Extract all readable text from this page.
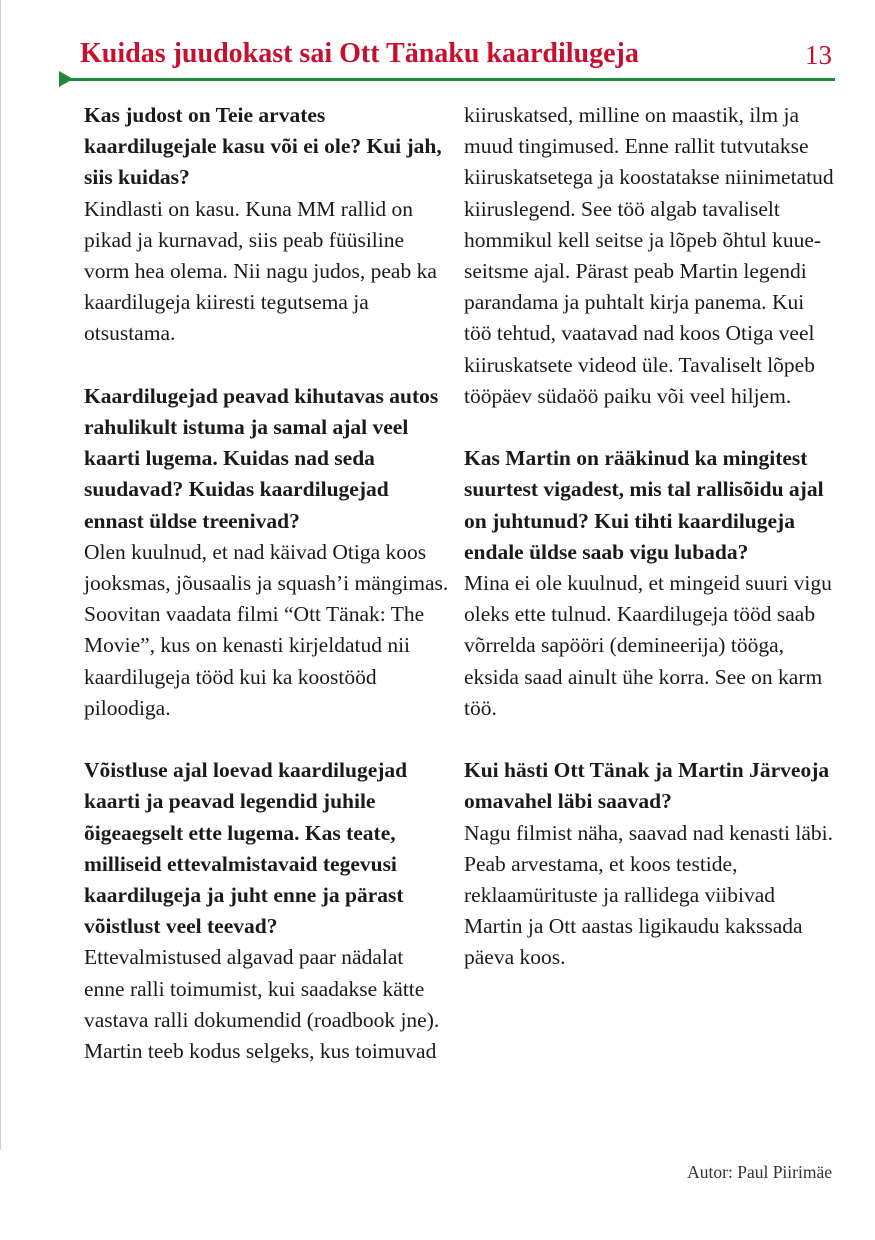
Kuidas juudokast sai Ott Tänaku kaardilugeja	13
Kas judost on Teie arvates kaardilugejale kasu või ei ole? Kui jah, siis kuidas?
Kindlasti on kasu. Kuna MM rallid on pikad ja kurnavad, siis peab füüsiline vorm hea olema. Nii nagu judos, peab ka kaardilugeja kiiresti tegutsema ja otsustama.
Kaardilugejad peavad kihutavas autos rahulikult istuma ja samal ajal veel kaarti lugema. Kuidas nad seda suudavad? Kuidas kaardilugejad ennast üldse treenivad?
Olen kuulnud, et nad käivad Otiga koos jooksmas, jõusaalis ja squash’i mängimas. Soovitan vaadata filmi “Ott Tänak: The Movie”, kus on kenasti kirjeldatud nii kaardilugeja tööd kui ka koostööd piloodiga.
Võistluse ajal loevad kaardilugejad kaarti ja peavad legendid juhile õigeaegselt ette lugema. Kas teate, milliseid ettevalmistavaid tegevusi kaardilugeja ja juht enne ja pärast võistlust veel teevad?
Ettevalmistused algavad paar nädalat enne ralli toimumist, kui saadakse kätte vastava ralli dokumendid (roadbook jne). Martin teeb kodus selgeks, kus toimuvad
kiiruskatsed, milline on maastik, ilm ja muud tingimused. Enne rallit tutvutakse kiiruskatsetega ja koostatakse niinimetatud kiiruslegend. See töö algab tavaliselt hommikul kell seitse ja lõpeb õhtul kuue-seitsme ajal. Pärast peab Martin legendi parandama ja puhtalt kirja panema. Kui töö tehtud, vaatavad nad koos Otiga veel kiiruskatsete videod üle. Tavaliselt lõpeb tööpäev südaöö paiku või veel hiljem.
Kas Martin on rääkinud ka mingitest suurtest vigadest, mis tal rallisõidu ajal on juhtunud? Kui tihti kaardilugeja endale üldse saab vigu lubada?
Mina ei ole kuulnud, et mingeid suuri vigu oleks ette tulnud. Kaardilugeja tööd saab võrrelda sapööri (demineerija) tööga, eksida saad ainult ühe korra. See on karm töö.
Kui hästi Ott Tänak ja Martin Järveoja omavahel läbi saavad?
Nagu filmist näha, saavad nad kenasti läbi. Peab arvestama, et koos testide, reklaamürituste ja rallidega viibivad Martin ja Ott aastas ligikaudu kakssada päeva koos.
Autor: Paul Piirimäe
